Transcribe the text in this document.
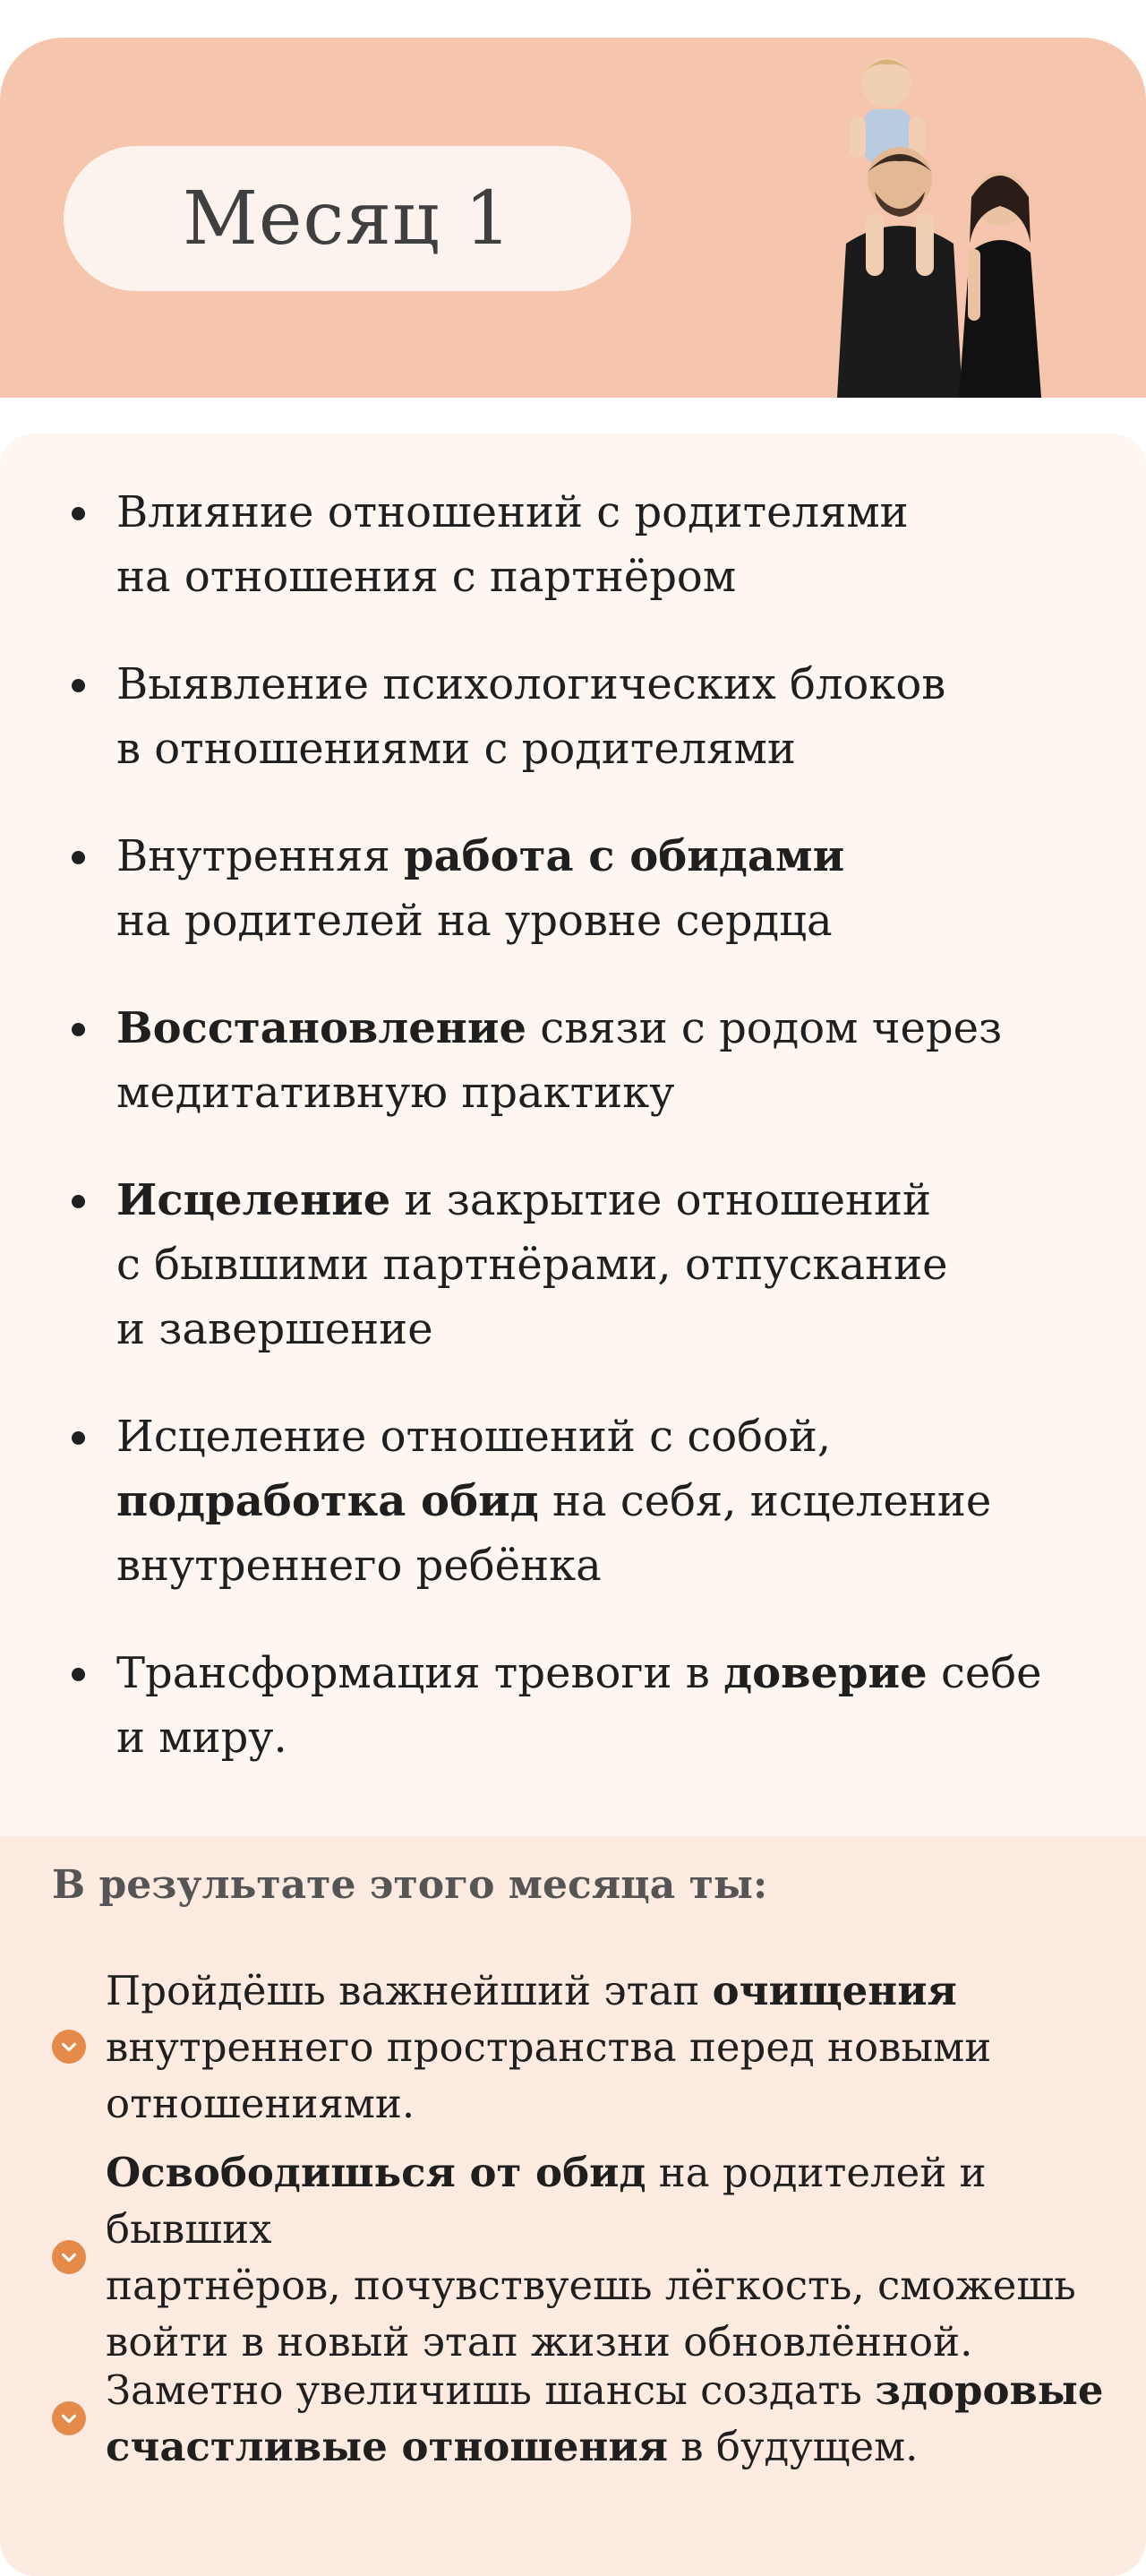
Месяц 1
Влияние отношений с родителями
на отношения с партнёром
Выявление психологических блоков
в отношениями с родителями
Внутренняя работа с обидами
на родителей на уровне сердца
Восстановление связи с родом через
медитативную практику
Исцеление и закрытие отношений
с бывшими партнёрами, отпускание
и завершение
Исцеление отношений с собой,
подработка обид на себя, исцеление
внутреннего ребёнка
Трансформация тревоги в доверие себе
и миру.
В результате этого месяца ты:
Пройдёшь важнейший этап очищения
внутреннего пространства перед новыми
отношениями.
Освободишься от обид на родителей и бывших
партнёров, почувствуешь лёгкость, сможешь
войти в новый этап жизни обновлённой.
Заметно увеличишь шансы создать здоровые
счастливые отношения в будущем.
